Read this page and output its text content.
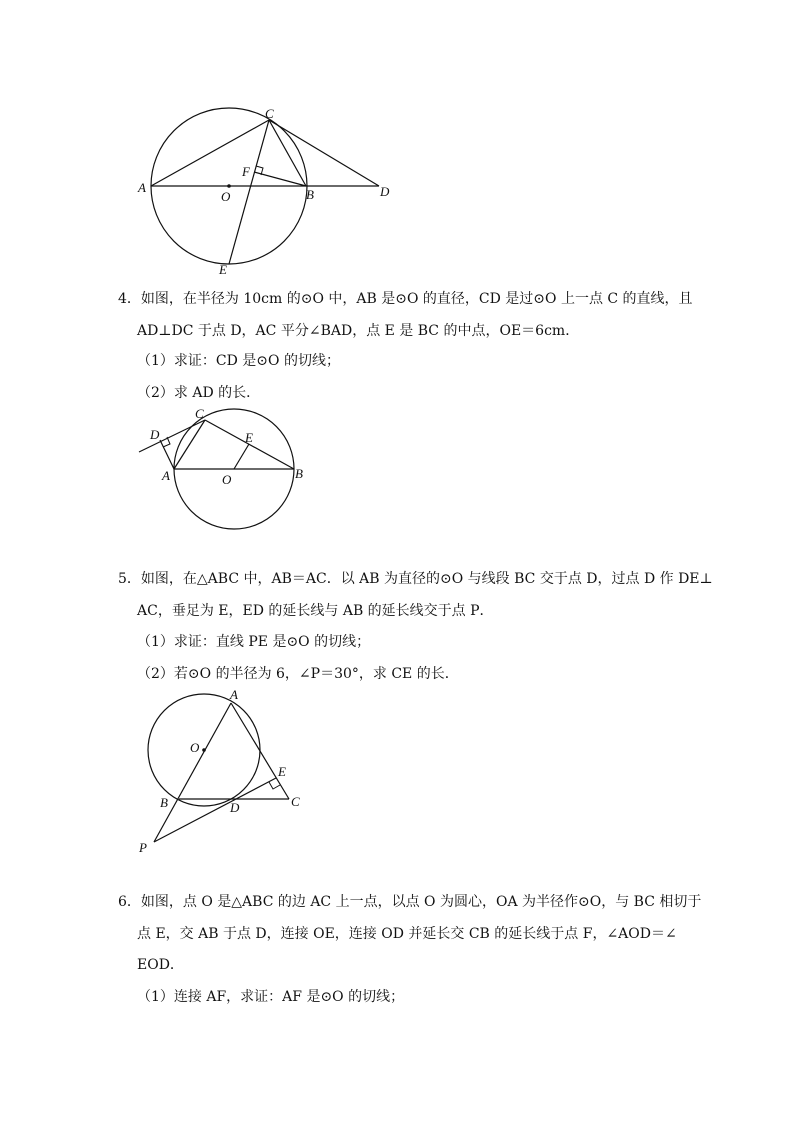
C
F
A
O	B	D
E
4．如图，在半径为 10cm 的⊙O 中，AB 是⊙O 的直径，CD 是过⊙O 上一点 C 的直线，且
AD⊥DC 于点 D，AC 平分∠BAD，点 E 是 BC 的中点，OE＝6cm．
（1）求证：CD 是⊙O 的切线；
（2）求 AD 的长．
C
D	E
A	O	B
5．如图，在△ABC 中，AB＝AC．以 AB 为直径的⊙O 与线段 BC 交于点 D，过点 D 作 DE⊥
AC，垂足为 E，ED 的延长线与 AB 的延长线交于点 P．
（1）求证：直线 PE 是⊙O 的切线；
（2）若⊙O 的半径为 6，∠P＝30°，求 CE 的长．
A
O
E
B	D	C
P
6．如图，点 O 是△ABC 的边 AC 上一点，以点 O 为圆心，OA 为半径作⊙O，与 BC 相切于
点 E，交 AB 于点 D，连接 OE，连接 OD 并延长交 CB 的延长线于点 F，∠AOD＝∠
EOD．
（1）连接 AF，求证：AF 是⊙O 的切线；
